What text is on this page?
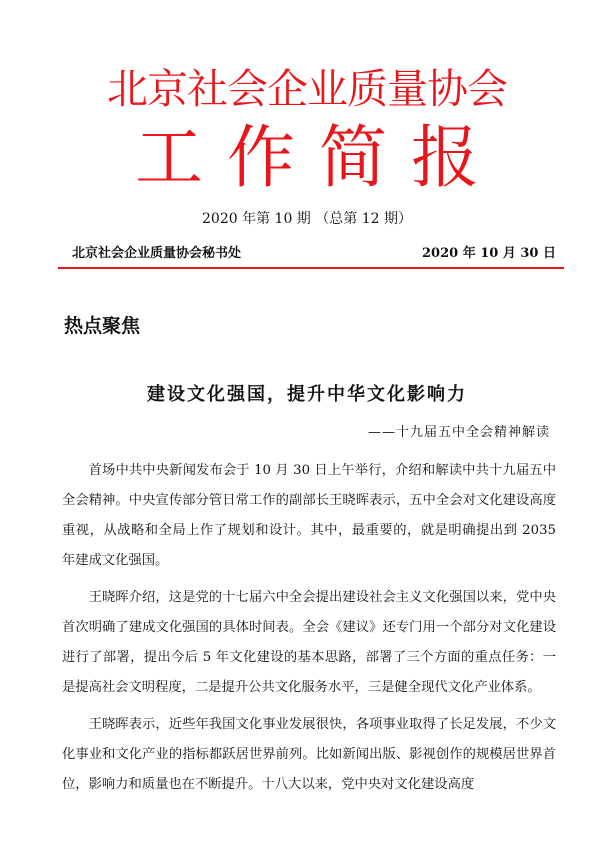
北京社会企业质量协会
工作简报
2020 年第 10 期 （总第 12 期）
北京社会企业质量协会秘书处	2020 年 10 月 30 日
热点聚焦
建设文化强国，提升中华文化影响力
——十九届五中全会精神解读

首场中共中央新闻发布会于 10 月 30 日上午举行，介绍和解读中共十九届五中全会精神。中央宣传部分管日常工作的副部长王晓晖表示，五中全会对文化建设高度重视，从战略和全局上作了规划和设计。其中，最重要的，就是明确提出到 2035 年建成文化强国。

王晓晖介绍，这是党的十七届六中全会提出建设社会主义文化强国以来，党中央首次明确了建成文化强国的具体时间表。全会《建议》还专门用一个部分对文化建设进行了部署，提出今后 5 年文化建设的基本思路，部署了三个方面的重点任务：一是提高社会文明程度，二是提升公共文化服务水平，三是健全现代文化产业体系。

王晓晖表示，近些年我国文化事业发展很快，各项事业取得了长足发展，不少文化事业和文化产业的指标都跃居世界前列。比如新闻出版、影视创作的规模居世界首位，影响力和质量也在不断提升。十八大以来，党中央对文化建设高度
